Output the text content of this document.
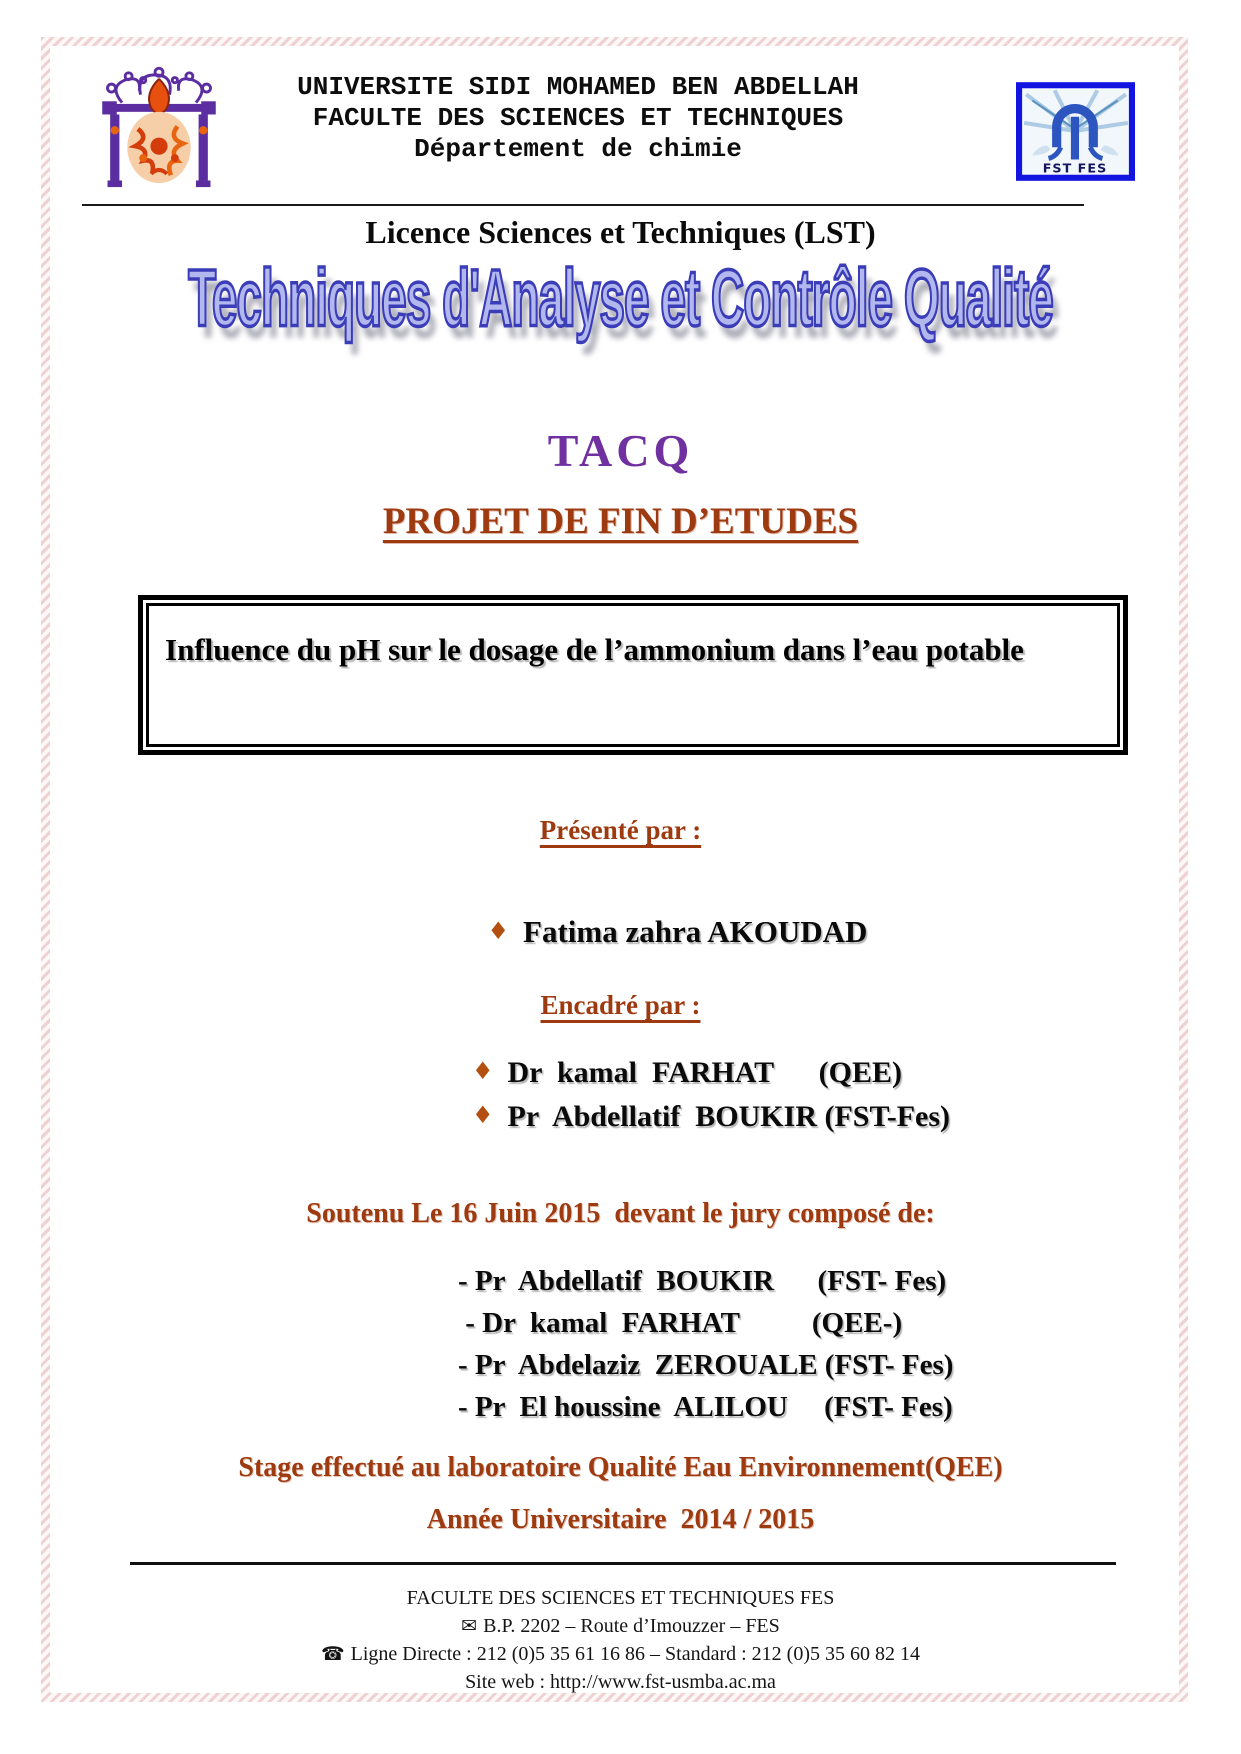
UNIVERSITE SIDI MOHAMED BEN ABDELLAH
FACULTE DES SCIENCES ET TECHNIQUES
Département de chimie
FST FES
Licence Sciences et Techniques (LST)
Techniques d'Analyse et Contrôle Qualité
TACQ
PROJET DE FIN D’ETUDES
Influence du pH sur le dosage de l’ammonium dans l’eau potable
Présenté par :

♦ Fatima zahra AKOUDAD

Encadré par :
♦ Dr  kamal  FARHAT      (QEE)
♦ Pr  Abdellatif  BOUKIR (FST-Fes)
Soutenu Le 16 Juin 2015  devant le jury composé de:
- Pr  Abdellatif  BOUKIR      (FST- Fes)
- Dr  kamal  FARHAT          (QEE-)
- Pr  Abdelaziz  ZEROUALE (FST- Fes)
- Pr  El houssine  ALILOU     (FST- Fes)
Stage effectué au laboratoire Qualité Eau Environnement(QEE)
Année Universitaire  2014 / 2015
FACULTE DES SCIENCES ET TECHNIQUES FES
✉ B.P. 2202 – Route d’Imouzzer – FES
☎ Ligne Directe : 212 (0)5 35 61 16 86 – Standard : 212 (0)5 35 60 82 14
Site web : http://www.fst-usmba.ac.ma
